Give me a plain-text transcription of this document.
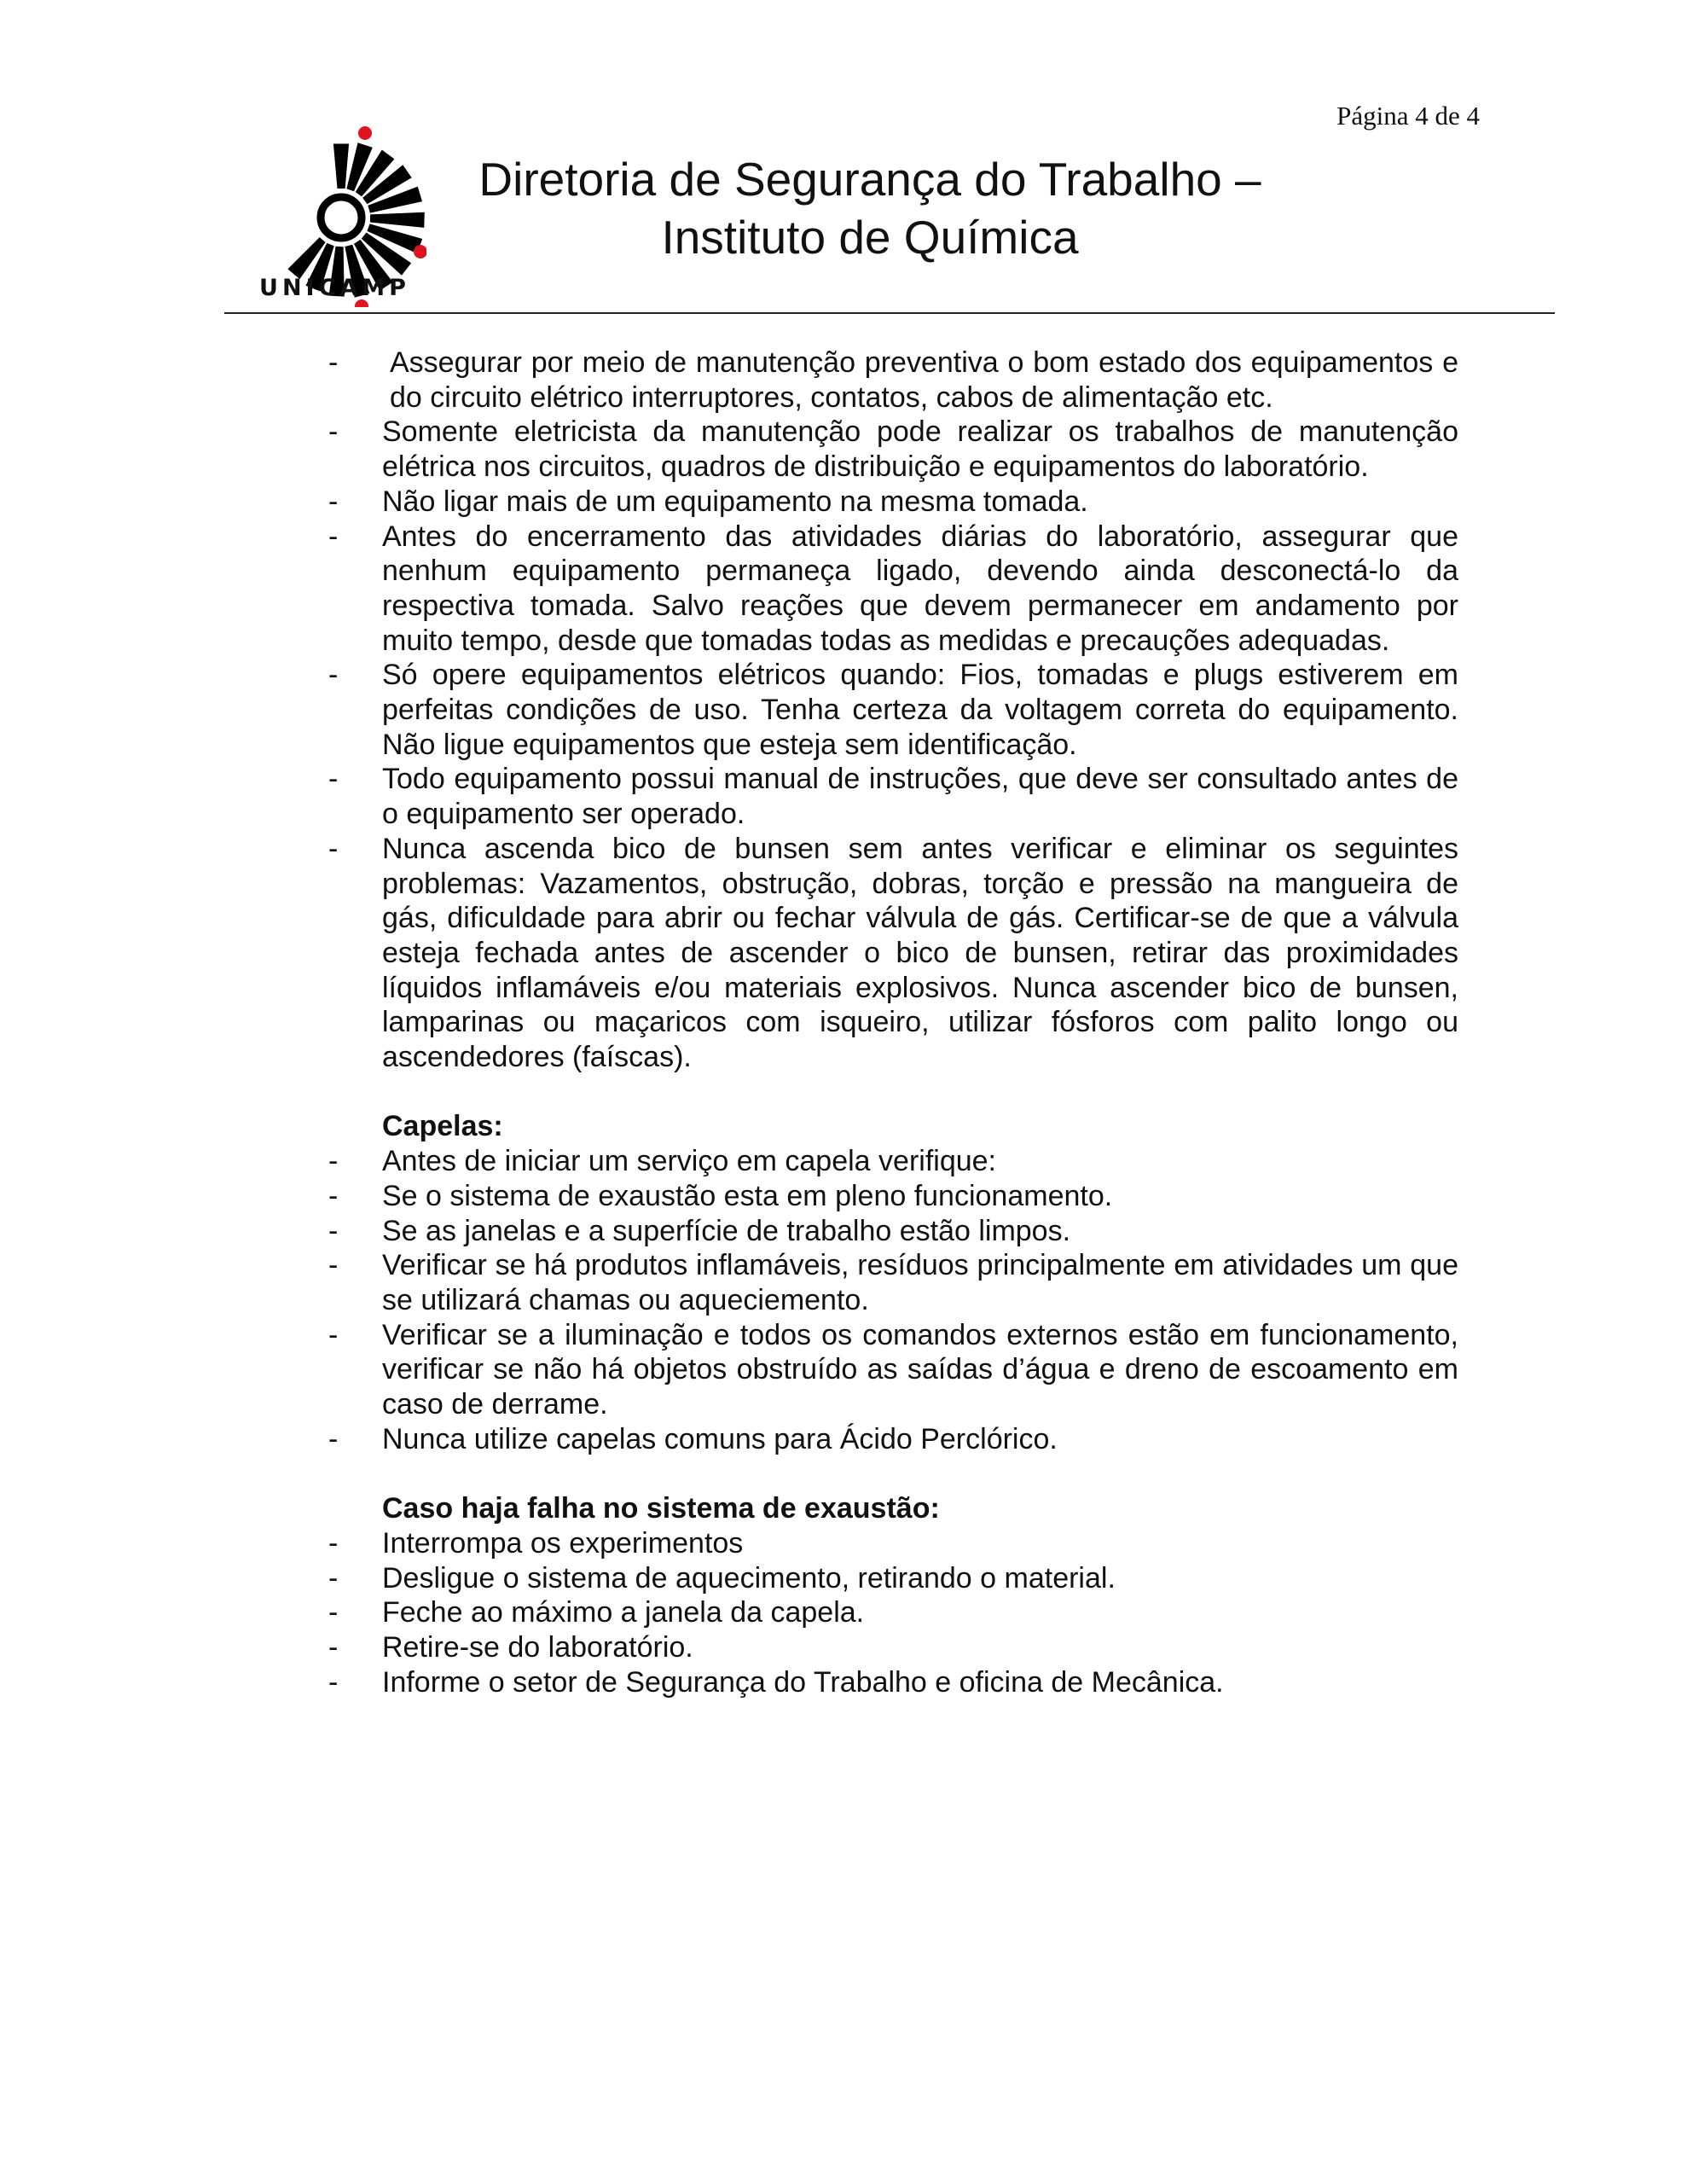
Página 4 de 4
UNICAMP
Diretoria de Segurança do Trabalho –
Instituto de Química
- Assegurar por meio de manutenção preventiva o bom estado dos equipamentos e do circuito elétrico interruptores, contatos, cabos de alimentação etc.
- Somente eletricista da manutenção pode realizar os trabalhos de manutenção elétrica nos circuitos, quadros de distribuição e equipamentos do laboratório.
- Não ligar mais de um equipamento na mesma tomada.
- Antes do encerramento das atividades diárias do laboratório, assegurar que nenhum equipamento permaneça ligado, devendo ainda desconectá-lo da respectiva tomada. Salvo reações que devem permanecer em andamento por muito tempo, desde que tomadas todas as medidas e precauções adequadas.
- Só opere equipamentos elétricos quando: Fios, tomadas e plugs estiverem em perfeitas condições de uso. Tenha certeza da voltagem correta do equipamento. Não ligue equipamentos que esteja sem identificação.
- Todo equipamento possui manual de instruções, que deve ser consultado antes de o equipamento ser operado.
- Nunca ascenda bico de bunsen sem antes verificar e eliminar os seguintes problemas: Vazamentos, obstrução, dobras, torção e pressão na mangueira de gás, dificuldade para abrir ou fechar válvula de gás. Certificar-se de que a válvula esteja fechada antes de ascender o bico de bunsen, retirar das proximidades líquidos inflamáveis e/ou materiais explosivos. Nunca ascender bico de bunsen, lamparinas ou maçaricos com isqueiro, utilizar fósforos com palito longo ou ascendedores (faíscas).
Capelas:
- Antes de iniciar um serviço em capela verifique:
- Se o sistema de exaustão esta em pleno funcionamento.
- Se as janelas e a superfície de trabalho estão limpos.
- Verificar se há produtos inflamáveis, resíduos principalmente em atividades um que se utilizará chamas ou aqueciemento.
- Verificar se a iluminação e todos os comandos externos estão em funcionamento, verificar se não há objetos obstruído as saídas d’água e dreno de escoamento em caso de derrame.
- Nunca utilize capelas comuns para Ácido Perclórico.
Caso haja falha no sistema de exaustão:
- Interrompa os experimentos
- Desligue o sistema de aquecimento, retirando o material.
- Feche ao máximo a janela da capela.
- Retire-se do laboratório.
- Informe o setor de Segurança do Trabalho e oficina de Mecânica.
